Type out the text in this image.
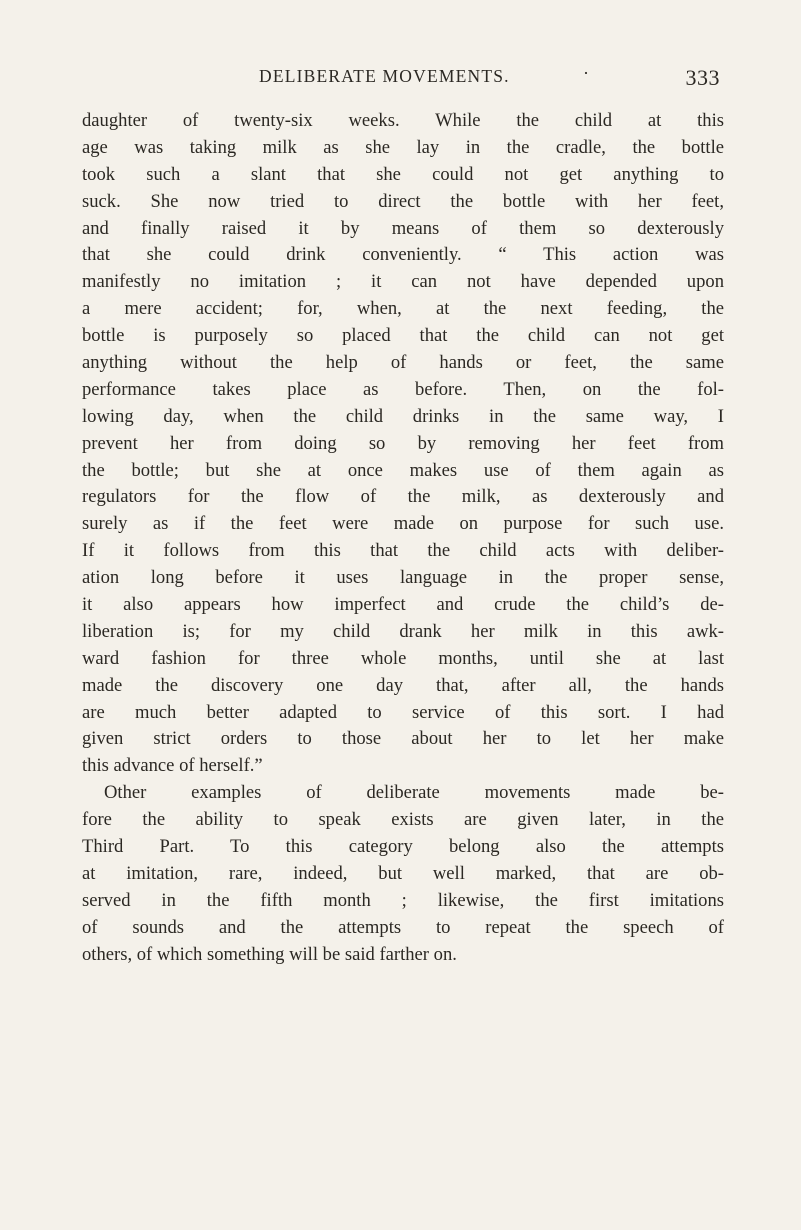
DELIBERATE MOVEMENTS.	·	333
daughter of twenty-six weeks. While the child at this
age was taking milk as she lay in the cradle, the bottle
took such a slant that she could not get anything to
suck. She now tried to direct the bottle with her feet,
and finally raised it by means of them so dexterously
that she could drink conveniently. “ This action was
manifestly no imitation ; it can not have depended upon
a mere accident; for, when, at the next feeding, the
bottle is purposely so placed that the child can not get
anything without the help of hands or feet, the same
performance takes place as before. Then, on the fol-
lowing day, when the child drinks in the same way, I
prevent her from doing so by removing her feet from
the bottle; but she at once makes use of them again as
regulators for the flow of the milk, as dexterously and
surely as if the feet were made on purpose for such use.
If it follows from this that the child acts with deliber-
ation long before it uses language in the proper sense,
it also appears how imperfect and crude the child’s de-
liberation is; for my child drank her milk in this awk-
ward fashion for three whole months, until she at last
made the discovery one day that, after all, the hands
are much better adapted to service of this sort. I had
given strict orders to those about her to let her make
this advance of herself.”
Other examples of deliberate movements made be-
fore the ability to speak exists are given later, in the
Third Part. To this category belong also the attempts
at imitation, rare, indeed, but well marked, that are ob-
served in the fifth month ; likewise, the first imitations
of sounds and the attempts to repeat the speech of
others, of which something will be said farther on.
